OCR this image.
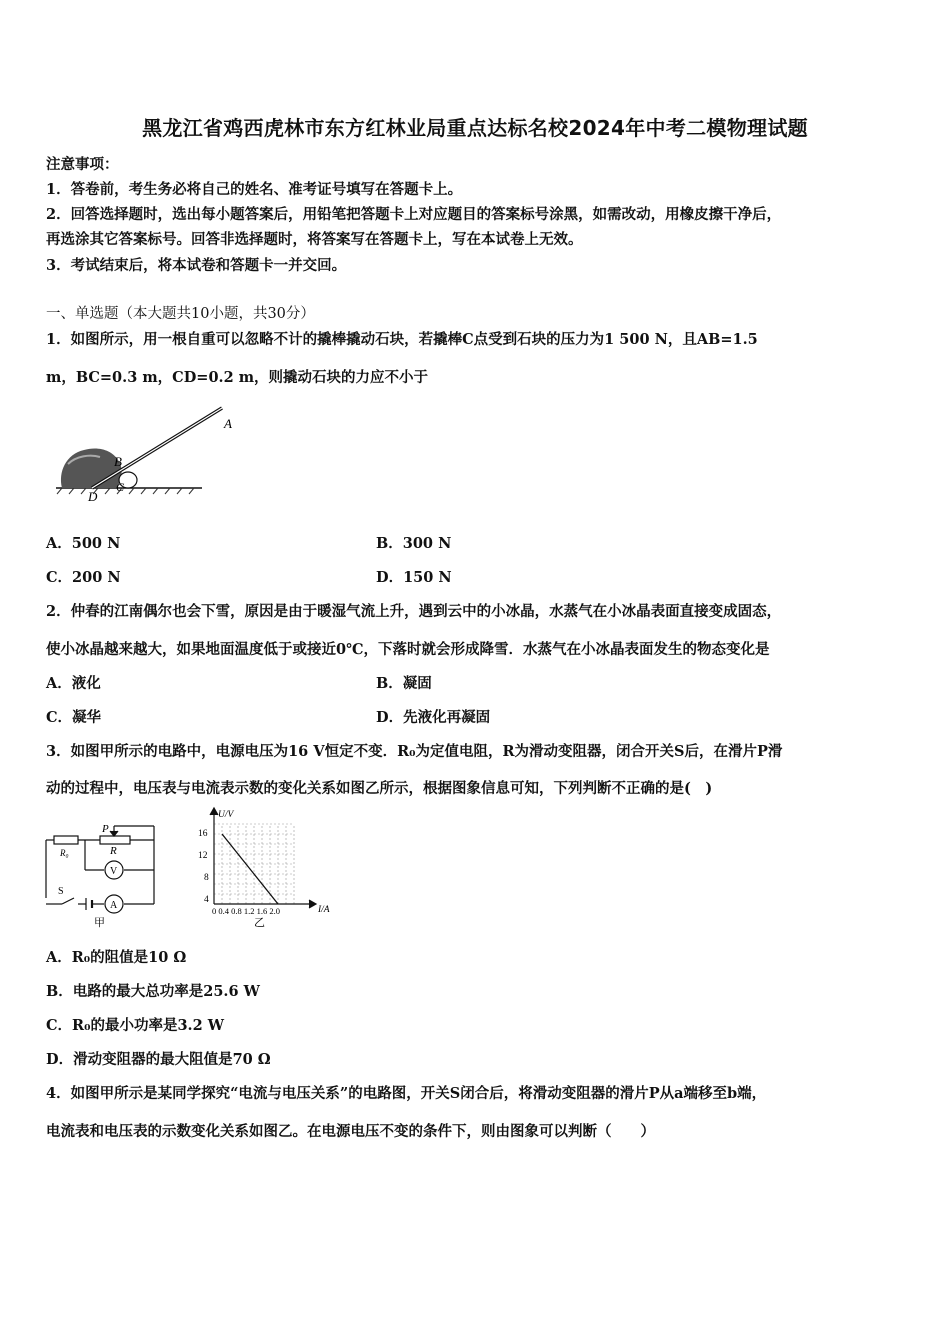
黑龙江省鸡西虎林市东方红林业局重点达标名校2024年中考二模物理试题
注意事项：
1．答卷前，考生务必将自己的姓名、准考证号填写在答题卡上。
2．回答选择题时，选出每小题答案后，用铅笔把答题卡上对应题目的答案标号涂黑，如需改动，用橡皮擦干净后，
再选涂其它答案标号。回答非选择题时，将答案写在答题卡上，写在本试卷上无效。
3．考试结束后，将本试卷和答题卡一并交回。
一、单选题（本大题共10小题，共30分）
1．如图所示，用一根自重可以忽略不计的撬棒撬动石块，若撬棒C点受到石块的压力为1 500 N，且AB=1.5
m，BC=0.3 m，CD=0.2 m，则撬动石块的力应不小于
A
B
C
D
A．500 N	B．300 N
C．200 N	D．150 N
2．仲春的江南偶尔也会下雪，原因是由于暖湿气流上升，遇到云中的小冰晶，水蒸气在小冰晶表面直接变成固态，
使小冰晶越来越大，如果地面温度低于或接近0℃，下落时就会形成降雪．水蒸气在小冰晶表面发生的物态变化是
A．液化	B．凝固
C．凝华	D．先液化再凝固
3．如图甲所示的电路中，电源电压为16 V恒定不变．R₀为定值电阻，R为滑动变阻器，闭合开关S后，在滑片P滑
动的过程中，电压表与电流表示数的变化关系如图乙所示，根据图象信息可知，下列判断不正确的是(　)
R₀
P
R
V
A
S
甲
U/V
I/A
16
12
8
4
0 0.4 0.8 1.2 1.6 2.0
乙
A．R₀的阻值是10 Ω
B．电路的最大总功率是25.6 W
C．R₀的最小功率是3.2 W
D．滑动变阻器的最大阻值是70 Ω
4．如图甲所示是某同学探究“电流与电压关系”的电路图，开关S闭合后，将滑动变阻器的滑片P从a端移至b端，
电流表和电压表的示数变化关系如图乙。在电源电压不变的条件下，则由图象可以判断（　　）
